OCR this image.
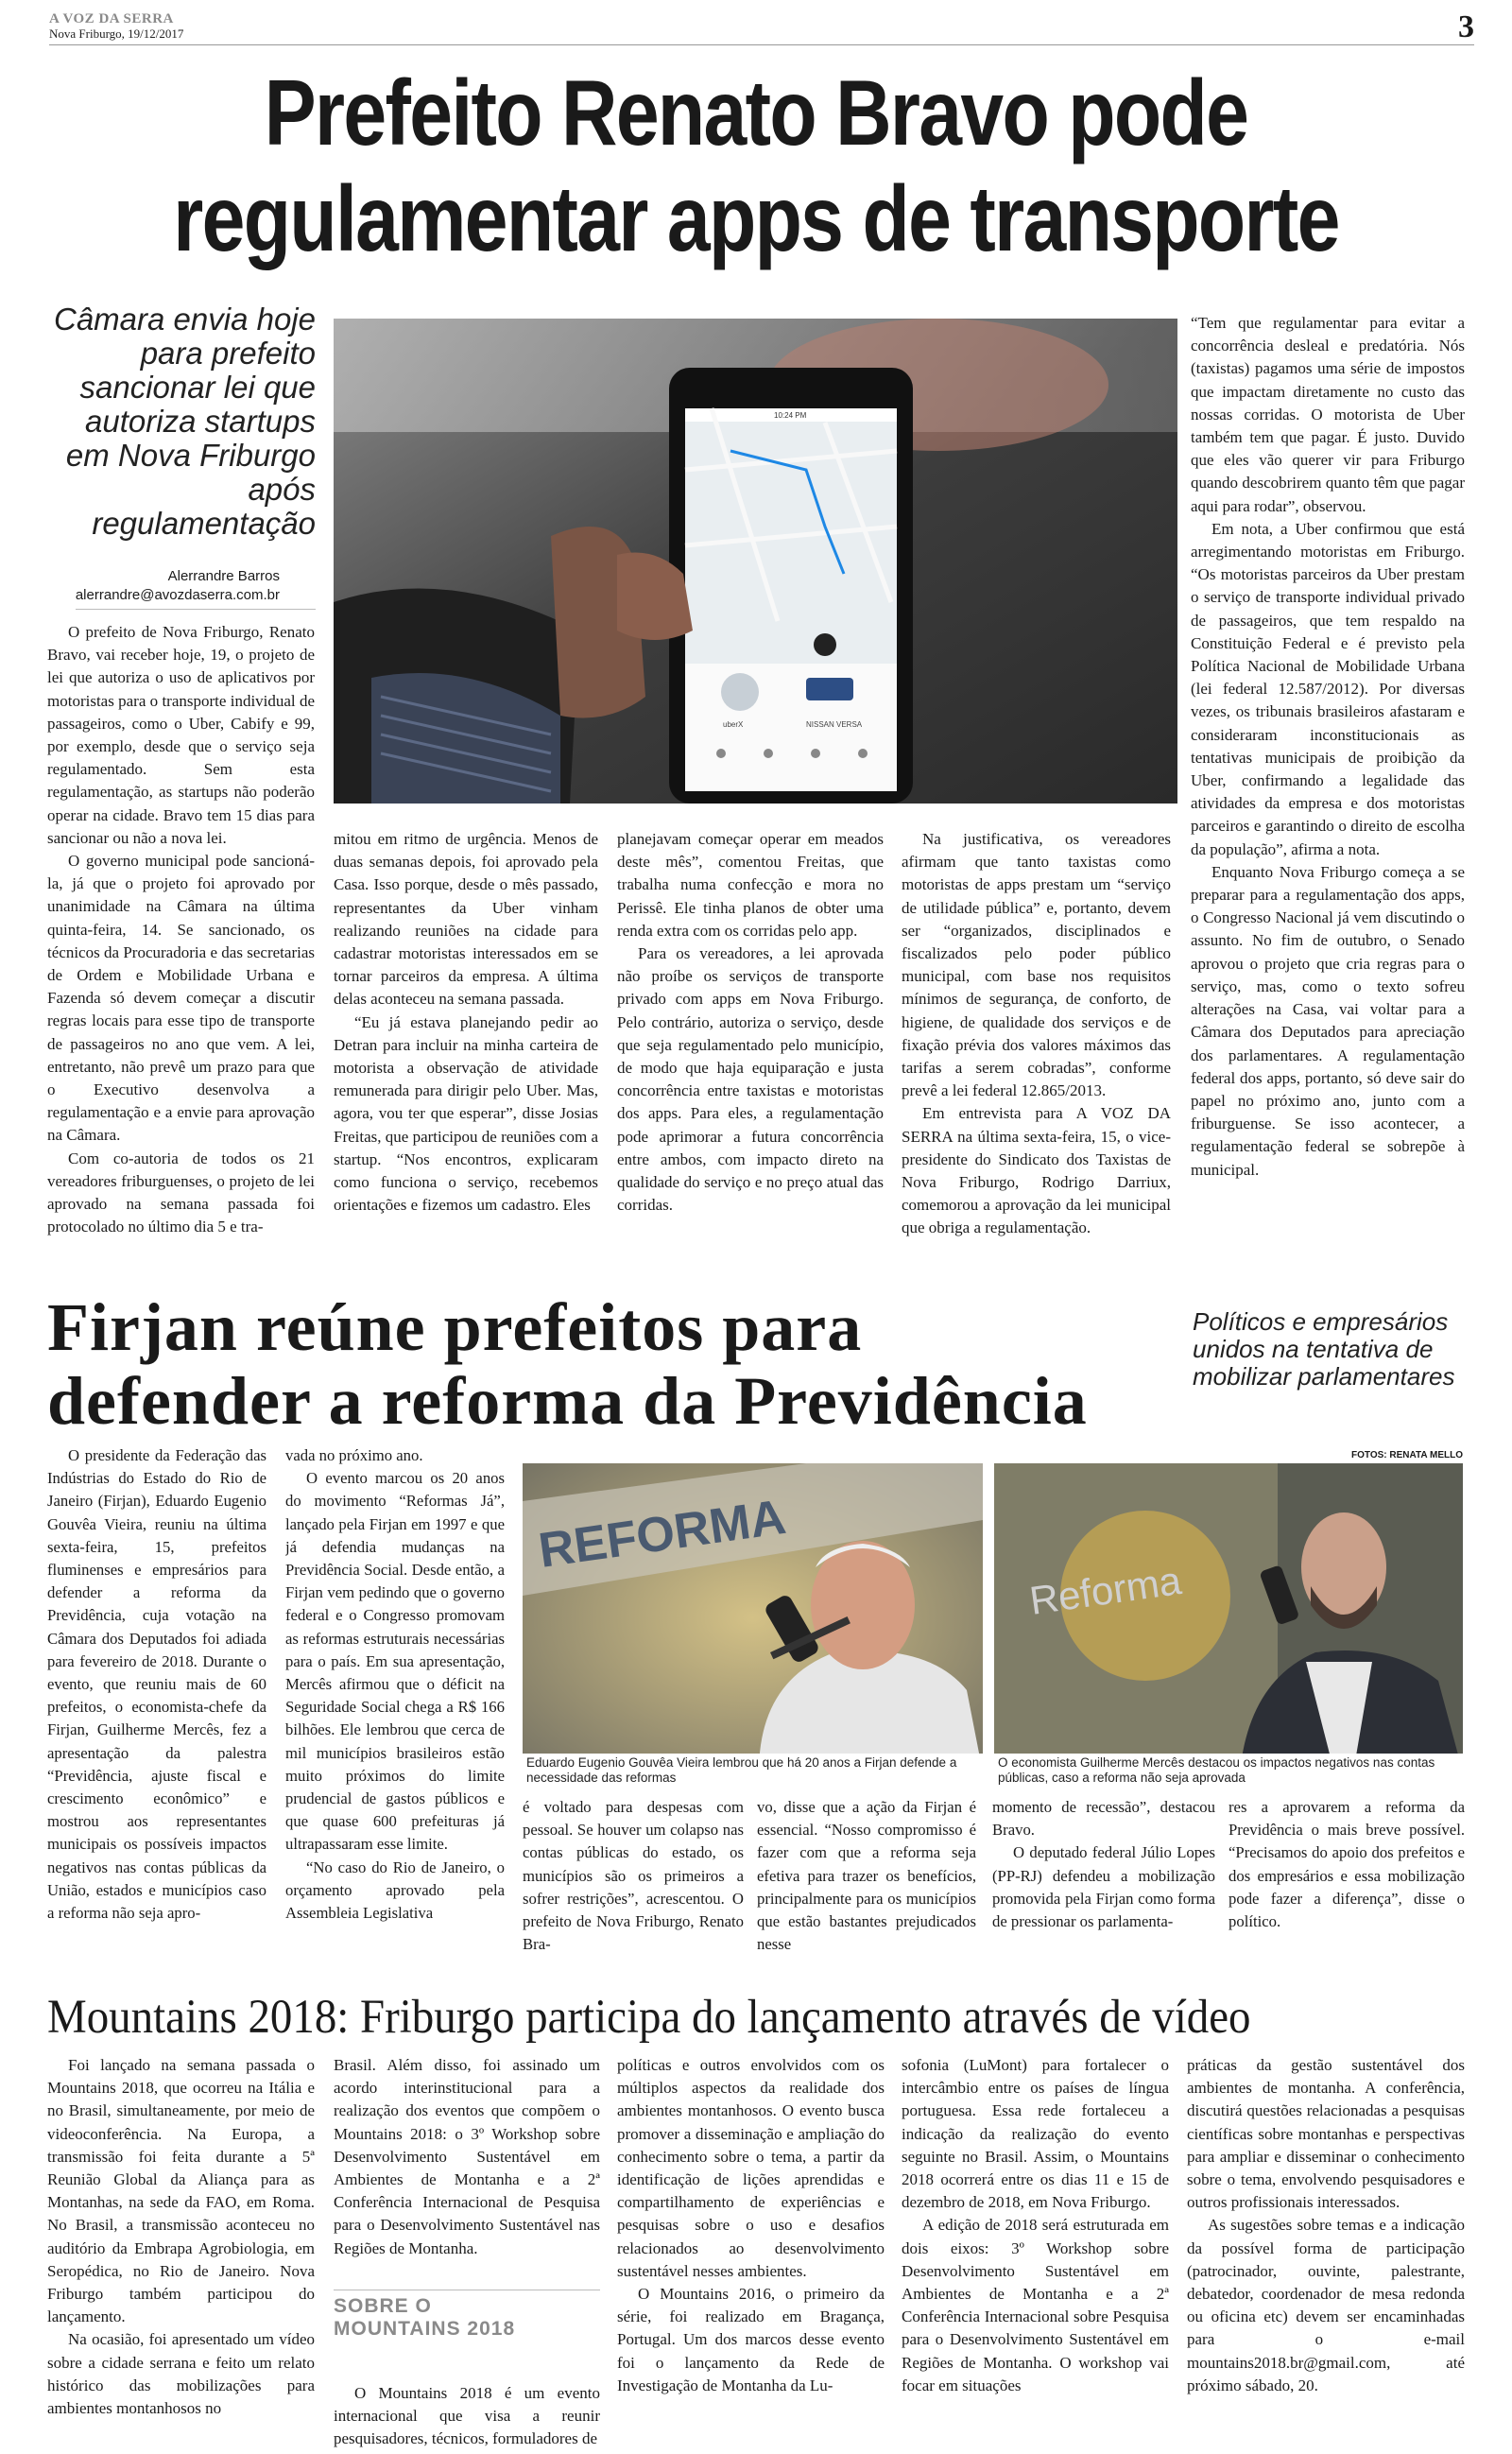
A VOZ DA SERRA
Nova Friburgo, 19/12/2017	3
Prefeito Renato Bravo pode
regulamentar apps de transporte
Câmara envia hoje para prefeito sancionar lei que autoriza startups em Nova Friburgo após regulamentação
Alerrandre Barros
alerrandre@avozdaserra.com.br
uberX	NISSAN VERSA
10:24 PM

O prefeito de Nova Friburgo, Renato Bravo, vai receber hoje, 19, o projeto de lei que autoriza o uso de aplicativos por motoristas para o transporte individual de passageiros, como o Uber, Cabify e 99, por exemplo, desde que o serviço seja regulamentado. Sem esta regulamentação, as startups não poderão operar na cidade. Bravo tem 15 dias para sancionar ou não a nova lei.

O governo municipal pode sancioná-la, já que o projeto foi aprovado por unanimidade na Câmara na última quinta-feira, 14. Se sancionado, os técnicos da Procuradoria e das secretarias de Ordem e Mobilidade Urbana e Fazenda só devem começar a discutir regras locais para esse tipo de transporte de passageiros no ano que vem. A lei, entretanto, não prevê um prazo para que o Executivo desenvolva a regulamentação e a envie para aprovação na Câmara.

Com co-autoria de todos os 21 vereadores friburguenses, o projeto de lei aprovado na semana passada foi protocolado no último dia 5 e tra-

mitou em ritmo de urgência. Menos de duas semanas depois, foi aprovado pela Casa. Isso porque, desde o mês passado, representantes da Uber vinham realizando reuniões na cidade para cadastrar motoristas interessados em se tornar parceiros da empresa. A última delas aconteceu na semana passada.

“Eu já estava planejando pedir ao Detran para incluir na minha carteira de motorista a observação de atividade remunerada para dirigir pelo Uber. Mas, agora, vou ter que esperar”, disse Josias Freitas, que participou de reuniões com a startup. “Nos encontros, explicaram como funciona o serviço, recebemos orientações e fizemos um cadastro. Eles

planejavam começar operar em meados deste mês”, comentou Freitas, que trabalha numa confecção e mora no Perissê. Ele tinha planos de obter uma renda extra com os corridas pelo app.

Para os vereadores, a lei aprovada não proíbe os serviços de transporte privado com apps em Nova Friburgo. Pelo contrário, autoriza o serviço, desde que seja regulamentado pelo município, de modo que haja equiparação e justa concorrência entre taxistas e motoristas dos apps. Para eles, a regulamentação pode aprimorar a futura concorrência entre ambos, com impacto direto na qualidade do serviço e no preço atual das corridas.

Na justificativa, os vereadores afirmam que tanto taxistas como motoristas de apps prestam um “serviço de utilidade pública” e, portanto, devem ser “organizados, disciplinados e fiscalizados pelo poder público municipal, com base nos requisitos mínimos de segurança, de conforto, de higiene, de qualidade dos serviços e de fixação prévia dos valores máximos das tarifas a serem cobradas”, conforme prevê a lei federal 12.865/2013.

Em entrevista para A VOZ DA SERRA na última sexta-feira, 15, o vice-presidente do Sindicato dos Taxistas de Nova Friburgo, Rodrigo Darriux, comemorou a aprovação da lei municipal que obriga a regulamentação.

“Tem que regulamentar para evitar a concorrência desleal e predatória. Nós (taxistas) pagamos uma série de impostos que impactam diretamente no custo das nossas corridas. O motorista de Uber também tem que pagar. É justo. Duvido que eles vão querer vir para Friburgo quando descobrirem quanto têm que pagar aqui para rodar”, observou.

Em nota, a Uber confirmou que está arregimentando motoristas em Friburgo. “Os motoristas parceiros da Uber prestam o serviço de transporte individual privado de passageiros, que tem respaldo na Constituição Federal e é previsto pela Política Nacional de Mobilidade Urbana (lei federal 12.587/2012). Por diversas vezes, os tribunais brasileiros afastaram e consideraram inconstitucionais as tentativas municipais de proibição da Uber, confirmando a legalidade das atividades da empresa e dos motoristas parceiros e garantindo o direito de escolha da população”, afirma a nota.

Enquanto Nova Friburgo começa a se preparar para a regulamentação dos apps, o Congresso Nacional já vem discutindo o assunto. No fim de outubro, o Senado aprovou o projeto que cria regras para o serviço, mas, como o texto sofreu alterações na Casa, vai voltar para a Câmara dos Deputados para apreciação dos parlamentares. A regulamentação federal dos apps, portanto, só deve sair do papel no próximo ano, junto com a friburguense. Se isso acontecer, a regulamentação federal se sobrepõe à municipal.

Firjan reúne prefeitos para
defender a reforma da Previdência
Políticos e empresários unidos na tentativa de mobilizar parlamentares
FOTOS: RENATA MELLO
REFORMA
Eduardo Eugenio Gouvêa Vieira lembrou que há 20 anos a Firjan defende a necessidade das reformas
Reforma
O economista Guilherme Mercês destacou os impactos negativos nas contas públicas, caso a reforma não seja aprovada

O presidente da Federação das Indústrias do Estado do Rio de Janeiro (Firjan), Eduardo Eugenio Gouvêa Vieira, reuniu na última sexta-feira, 15, prefeitos fluminenses e empresários para defender a reforma da Previdência, cuja votação na Câmara dos Deputados foi adiada para fevereiro de 2018. Durante o evento, que reuniu mais de 60 prefeitos, o economista-chefe da Firjan, Guilherme Mercês, fez a apresentação da palestra “Previdência, ajuste fiscal e crescimento econômico” e mostrou aos representantes municipais os possíveis impactos negativos nas contas públicas da União, estados e municípios caso a reforma não seja apro-

vada no próximo ano.

O evento marcou os 20 anos do movimento “Reformas Já”, lançado pela Firjan em 1997 e que já defendia mudanças na Previdência Social. Desde então, a Firjan vem pedindo que o governo federal e o Congresso promovam as reformas estruturais necessárias para o país. Em sua apresentação, Mercês afirmou que o déficit na Seguridade Social chega a R$ 166 bilhões. Ele lembrou que cerca de mil municípios brasileiros estão muito próximos do limite prudencial de gastos públicos e que quase 600 prefeituras já ultrapassaram esse limite.

“No caso do Rio de Janeiro, o orçamento aprovado pela Assembleia Legislativa

é voltado para despesas com pessoal. Se houver um colapso nas contas públicas do estado, os municípios são os primeiros a sofrer restrições”, acrescentou. O prefeito de Nova Friburgo, Renato Bra-

vo, disse que a ação da Firjan é essencial. “Nosso compromisso é fazer com que a reforma seja efetiva para trazer os benefícios, principalmente para os municípios que estão bastantes prejudicados nesse

momento de recessão”, destacou Bravo.

O deputado federal Júlio Lopes (PP-RJ) defendeu a mobilização promovida pela Firjan como forma de pressionar os parlamenta-

res a aprovarem a reforma da Previdência o mais breve possível. “Precisamos do apoio dos prefeitos e dos empresários e essa mobilização pode fazer a diferença”, disse o político.

Mountains 2018: Friburgo participa do lançamento através de vídeo

Foi lançado na semana passada o Mountains 2018, que ocorreu na Itália e no Brasil, simultaneamente, por meio de videoconferência. Na Europa, a transmissão foi feita durante a 5ª Reunião Global da Aliança para as Montanhas, na sede da FAO, em Roma. No Brasil, a transmissão aconteceu no auditório da Embrapa Agrobiologia, em Seropédica, no Rio de Janeiro. Nova Friburgo também participou do lançamento.

Na ocasião, foi apresentado um vídeo sobre a cidade serrana e feito um relato histórico das mobilizações para ambientes montanhosos no

Brasil. Além disso, foi assinado um acordo interinstitucional para a realização dos eventos que compõem o Mountains 2018: o 3º Workshop sobre Desenvolvimento Sustentável em Ambientes de Montanha e a 2ª Conferência Internacional de Pesquisa para o Desenvolvimento Sustentável nas Regiões de Montanha.

SOBRE O
MOUNTAINS 2018

O Mountains 2018 é um evento internacional que visa a reunir pesquisadores, técnicos, formuladores de

políticas e outros envolvidos com os múltiplos aspectos da realidade dos ambientes montanhosos. O evento busca promover a disseminação e ampliação do conhecimento sobre o tema, a partir da identificação de lições aprendidas e compartilhamento de experiências e pesquisas sobre o uso e desafios relacionados ao desenvolvimento sustentável nesses ambientes.

O Mountains 2016, o primeiro da série, foi realizado em Bragança, Portugal. Um dos marcos desse evento foi o lançamento da Rede de Investigação de Montanha da Lu-

sofonia (LuMont) para fortalecer o intercâmbio entre os países de língua portuguesa. Essa rede fortaleceu a indicação da realização do evento seguinte no Brasil. Assim, o Mountains 2018 ocorrerá entre os dias 11 e 15 de dezembro de 2018, em Nova Friburgo.

A edição de 2018 será estruturada em dois eixos: 3º Workshop sobre Desenvolvimento Sustentável em Ambientes de Montanha e a 2ª Conferência Internacional sobre Pesquisa para o Desenvolvimento Sustentável em Regiões de Montanha. O workshop vai focar em situações

práticas da gestão sustentável dos ambientes de montanha. A conferência, discutirá questões relacionadas a pesquisas científicas sobre montanhas e perspectivas para ampliar e disseminar o conhecimento sobre o tema, envolvendo pesquisadores e outros profissionais interessados.

As sugestões sobre temas e a indicação da possível forma de participação (patrocinador, ouvinte, palestrante, debatedor, coordenador de mesa redonda ou oficina etc) devem ser encaminhadas para o e-mail mountains2018.br@gmail.com, até próximo sábado, 20.
